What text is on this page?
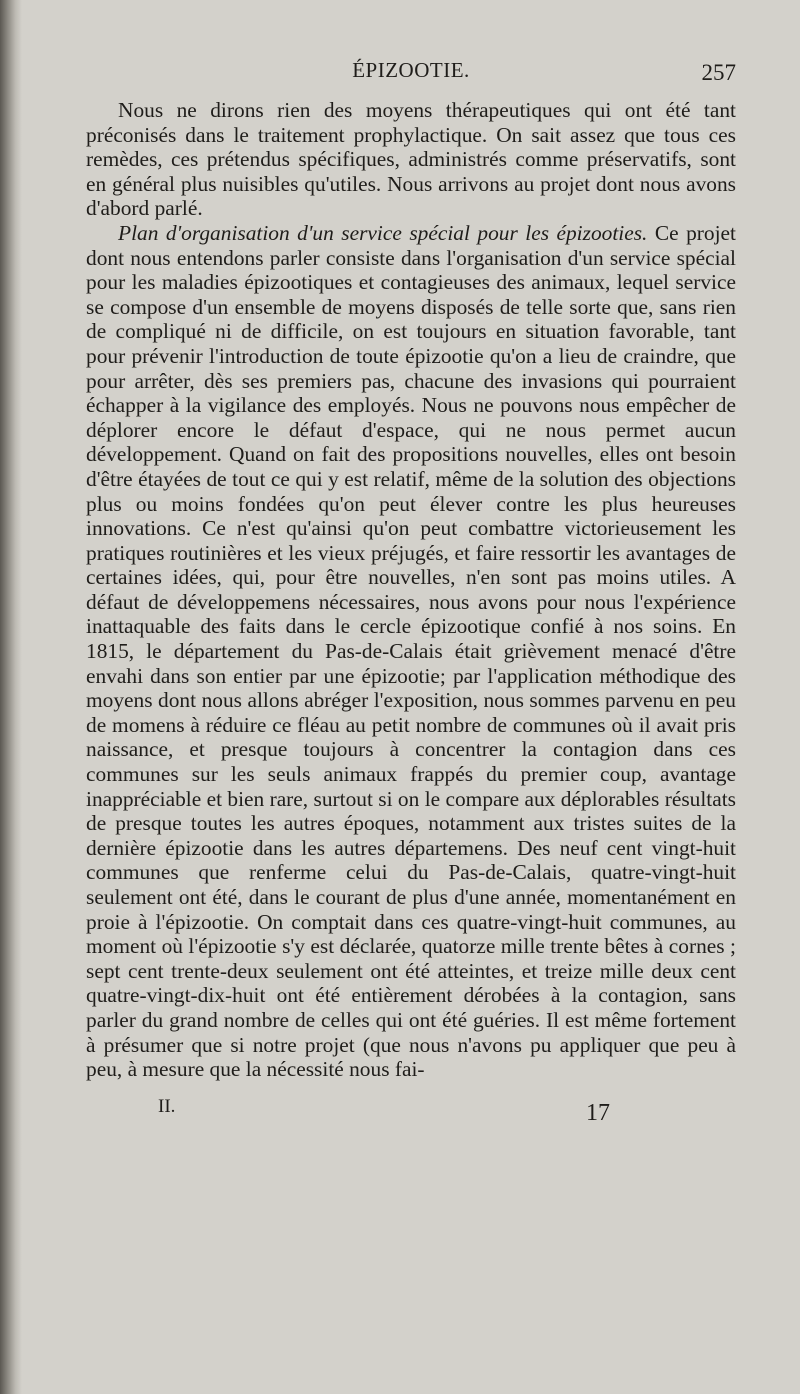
ÉPIZOOTIE.	257

Nous ne dirons rien des moyens thérapeutiques qui ont été tant préconisés dans le traitement prophylactique. On sait assez que tous ces remèdes, ces prétendus spécifiques, administrés comme préservatifs, sont en général plus nuisibles qu'utiles. Nous arrivons au projet dont nous avons d'abord parlé.

Plan d'organisation d'un service spécial pour les épizooties. Ce projet dont nous entendons parler consiste dans l'organisation d'un service spécial pour les maladies épizootiques et contagieuses des animaux, lequel service se compose d'un ensemble de moyens disposés de telle sorte que, sans rien de compliqué ni de difficile, on est toujours en situation favorable, tant pour prévenir l'introduction de toute épizootie qu'on a lieu de craindre, que pour arrêter, dès ses premiers pas, chacune des invasions qui pourraient échapper à la vigilance des employés. Nous ne pouvons nous empêcher de déplorer encore le défaut d'espace, qui ne nous permet aucun développement. Quand on fait des propositions nouvelles, elles ont besoin d'être étayées de tout ce qui y est relatif, même de la solution des objections plus ou moins fondées qu'on peut élever contre les plus heureuses innovations. Ce n'est qu'ainsi qu'on peut combattre victorieusement les pratiques routinières et les vieux préjugés, et faire ressortir les avantages de certaines idées, qui, pour être nouvelles, n'en sont pas moins utiles. A défaut de développemens nécessaires, nous avons pour nous l'expérience inattaquable des faits dans le cercle épizootique confié à nos soins. En 1815, le département du Pas-de-Calais était grièvement menacé d'être envahi dans son entier par une épizootie; par l'application méthodique des moyens dont nous allons abréger l'exposition, nous sommes parvenu en peu de momens à réduire ce fléau au petit nombre de communes où il avait pris naissance, et presque toujours à concentrer la contagion dans ces communes sur les seuls animaux frappés du premier coup, avantage inappréciable et bien rare, surtout si on le compare aux déplorables résultats de presque toutes les autres époques, notamment aux tristes suites de la dernière épizootie dans les autres départemens. Des neuf cent vingt-huit communes que renferme celui du Pas-de-Calais, quatre-vingt-huit seulement ont été, dans le courant de plus d'une année, momentanément en proie à l'épizootie. On comptait dans ces quatre-vingt-huit communes, au moment où l'épizootie s'y est déclarée, quatorze mille trente bêtes à cornes ; sept cent trente-deux seulement ont été atteintes, et treize mille deux cent quatre-vingt-dix-huit ont été entièrement dérobées à la contagion, sans parler du grand nombre de celles qui ont été guéries. Il est même fortement à présumer que si notre projet (que nous n'avons pu appliquer que peu à peu, à mesure que la nécessité nous fai-

II.	17
